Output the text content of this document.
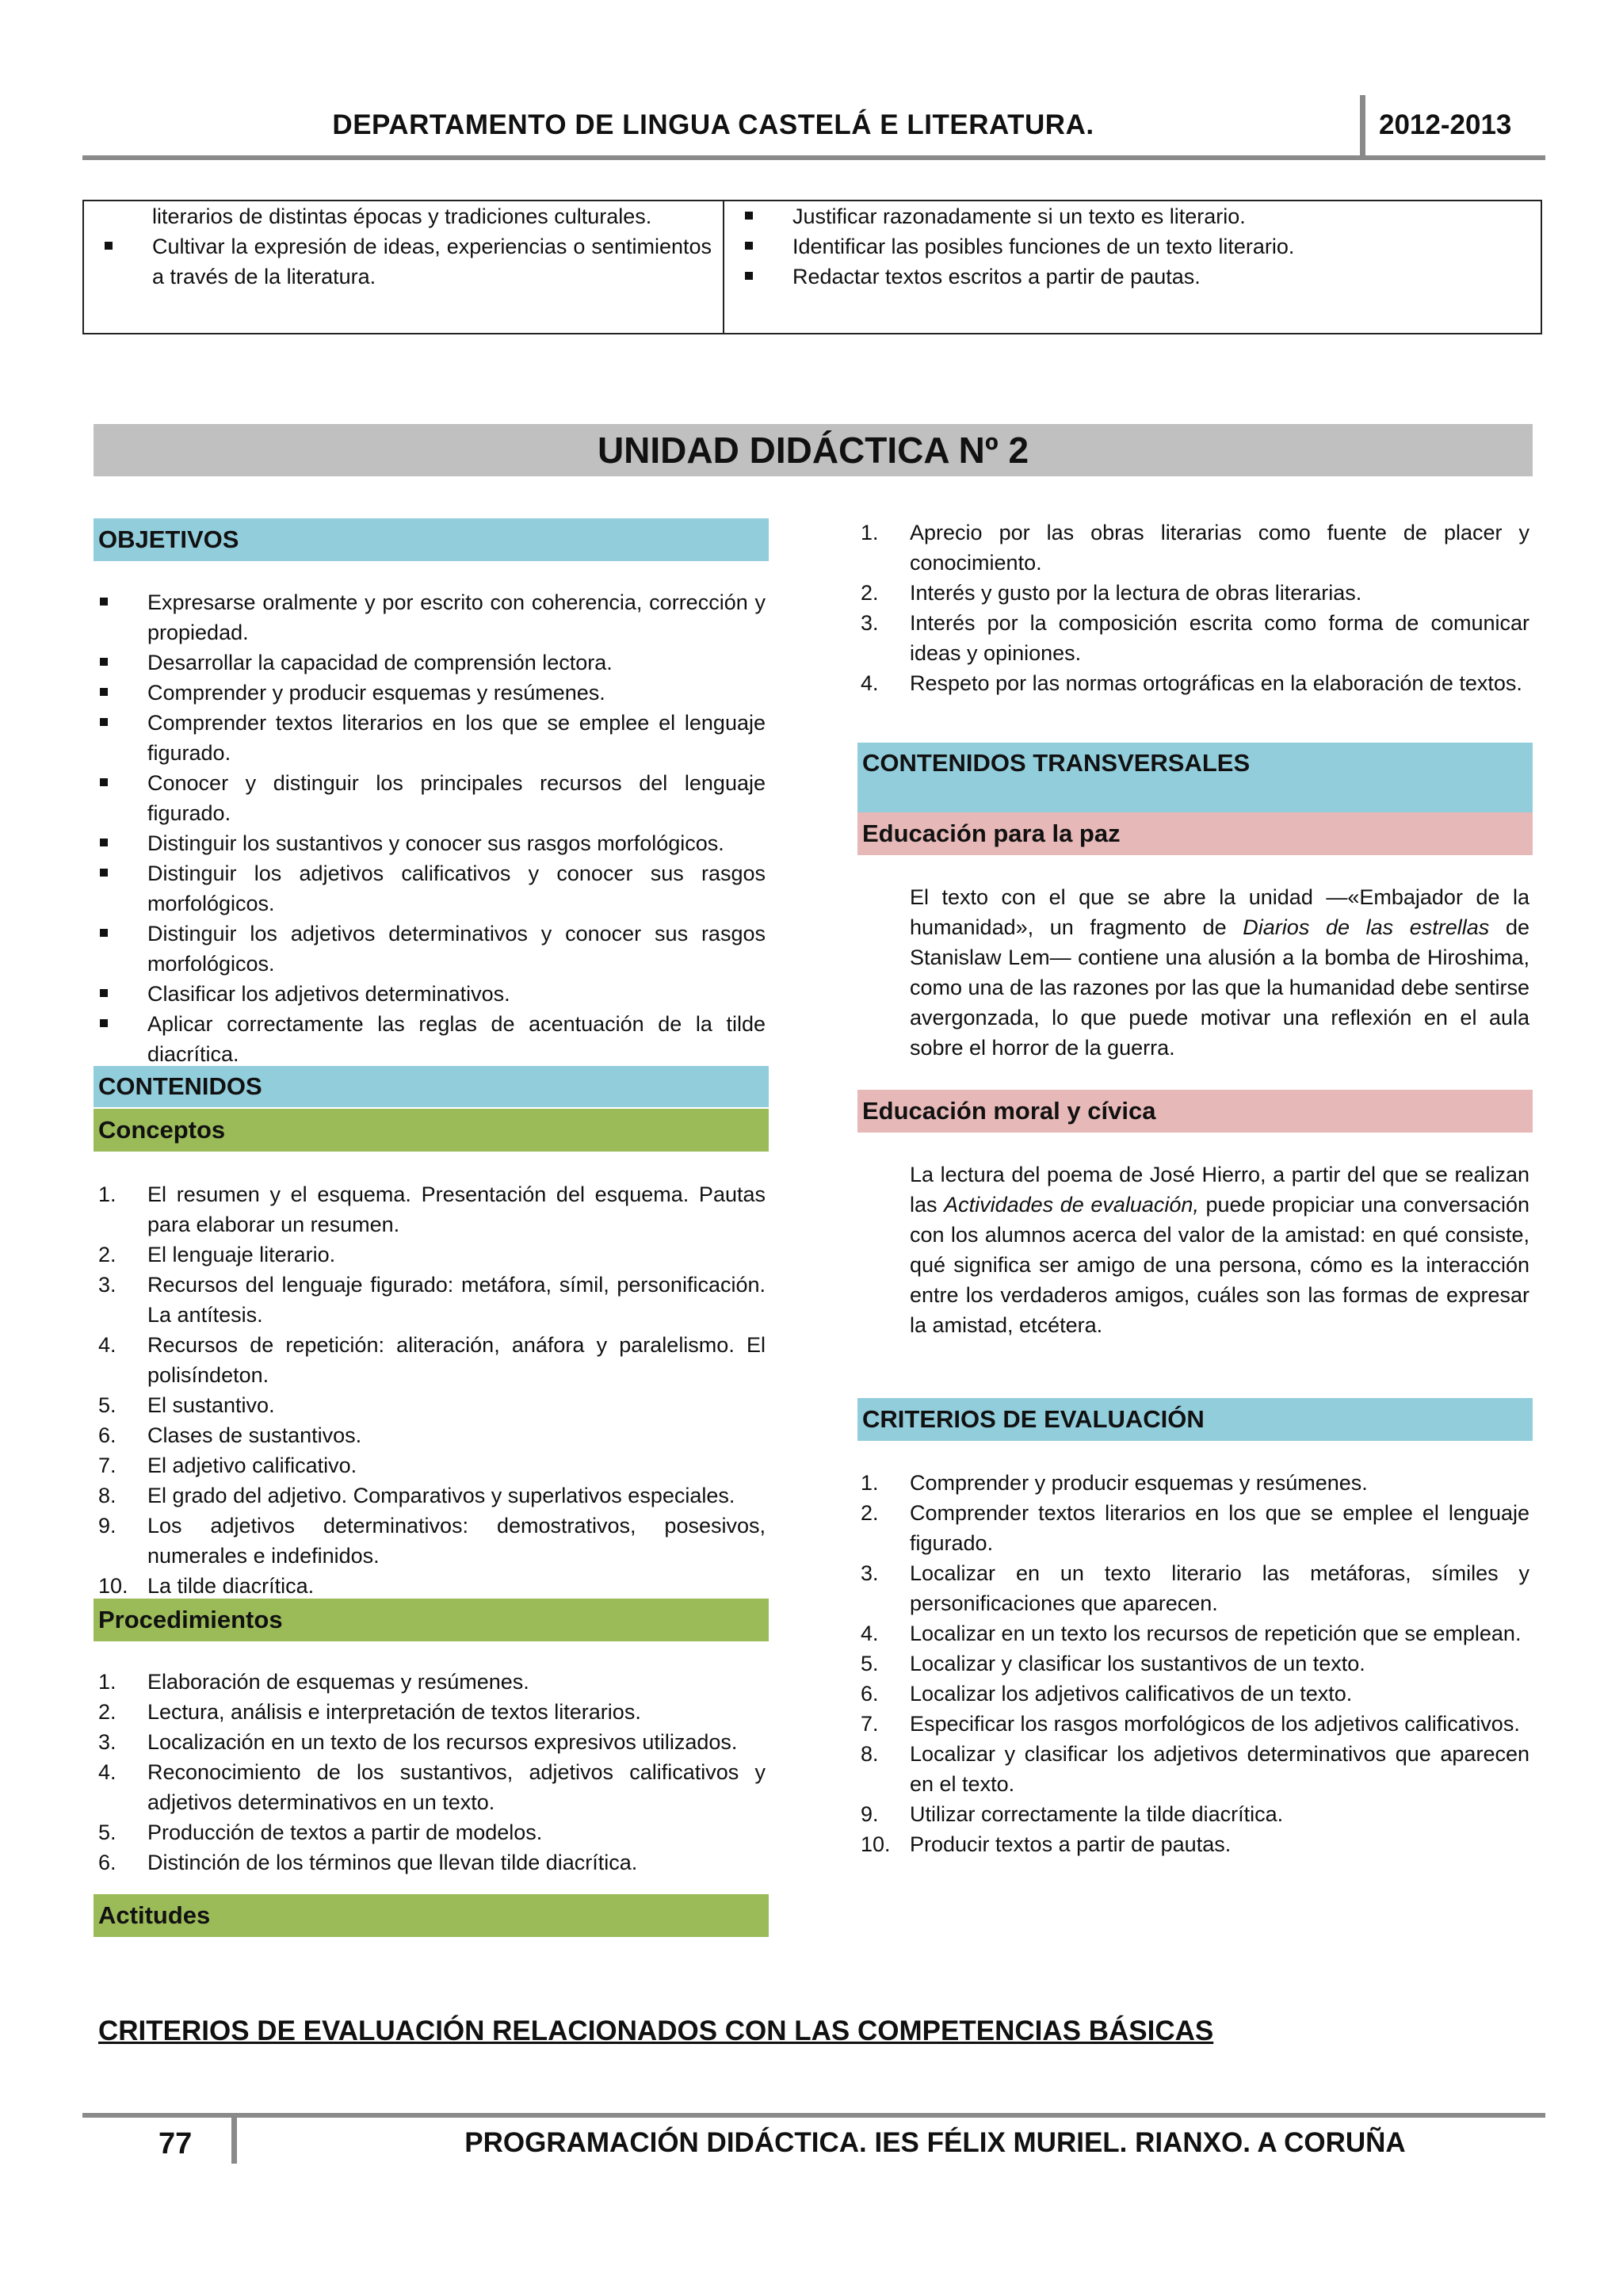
DEPARTAMENTO DE LINGUA CASTELÁ E LITERATURA.	2012-2013
literarios de distintas épocas y tradiciones culturales.
Cultivar la expresión de ideas, experiencias o sentimientos a través de la literatura.
Justificar razonadamente si un texto es literario.
Identificar las posibles funciones de un texto literario.
Redactar textos escritos a partir de pautas.
UNIDAD DIDÁCTICA Nº 2
OBJETIVOS
Expresarse oralmente y por escrito con coherencia, corrección y propiedad.
Desarrollar la capacidad de comprensión lectora.
Comprender y producir esquemas y resúmenes.
Comprender textos literarios en los que se emplee el lenguaje figurado.
Conocer y distinguir los principales recursos del lenguaje figurado.
Distinguir los sustantivos y conocer sus rasgos morfológicos.
Distinguir los adjetivos calificativos y conocer sus rasgos morfológicos.
Distinguir los adjetivos determinativos y conocer sus rasgos morfológicos.
Clasificar los adjetivos determinativos.
Aplicar correctamente las reglas de acentuación de la tilde diacrítica.
CONTENIDOS
Conceptos
1. El resumen y el esquema. Presentación del esquema. Pautas para elaborar un resumen.
2. El lenguaje literario.
3. Recursos del lenguaje figurado: metáfora, símil, personificación. La antítesis.
4. Recursos de repetición: aliteración, anáfora y paralelismo. El polisíndeton.
5. El sustantivo.
6. Clases de sustantivos.
7. El adjetivo calificativo.
8. El grado del adjetivo. Comparativos y superlativos especiales.
9. Los adjetivos determinativos: demostrativos, posesivos, numerales e indefinidos.
10. La tilde diacrítica.
Procedimientos
1. Elaboración de esquemas y resúmenes.
2. Lectura, análisis e interpretación de textos literarios.
3. Localización en un texto de los recursos expresivos utilizados.
4. Reconocimiento de los sustantivos, adjetivos calificativos y adjetivos determinativos en un texto.
5. Producción de textos a partir de modelos.
6. Distinción de los términos que llevan tilde diacrítica.
Actitudes
1. Aprecio por las obras literarias como fuente de placer y conocimiento.
2. Interés y gusto por la lectura de obras literarias.
3. Interés por la composición escrita como forma de comunicar ideas y opiniones.
4. Respeto por las normas ortográficas en la elaboración de textos.
CONTENIDOS TRANSVERSALES
Educación para la paz
El texto con el que se abre la unidad —«Embajador de la humanidad», un fragmento de Diarios de las estrellas de Stanislaw Lem— contiene una alusión a la bomba de Hiroshima, como una de las razones por las que la humanidad debe sentirse avergonzada, lo que puede motivar una reflexión en el aula sobre el horror de la guerra.
Educación moral y cívica
La lectura del poema de José Hierro, a partir del que se realizan las Actividades de evaluación, puede propiciar una conversación con los alumnos acerca del valor de la amistad: en qué consiste, qué significa ser amigo de una persona, cómo es la interacción entre los verdaderos amigos, cuáles son las formas de expresar la amistad, etcétera.
CRITERIOS DE EVALUACIÓN
1. Comprender y producir esquemas y resúmenes.
2. Comprender textos literarios en los que se emplee el lenguaje figurado.
3. Localizar en un texto literario las metáforas, símiles y personificaciones que aparecen.
4. Localizar en un texto los recursos de repetición que se emplean.
5. Localizar y clasificar los sustantivos de un texto.
6. Localizar los adjetivos calificativos de un texto.
7. Especificar los rasgos morfológicos de los adjetivos calificativos.
8. Localizar y clasificar los adjetivos determinativos que aparecen en el texto.
9. Utilizar correctamente la tilde diacrítica.
10. Producir textos a partir de pautas.
CRITERIOS DE EVALUACIÓN RELACIONADOS CON LAS COMPETENCIAS BÁSICAS
77	PROGRAMACIÓN DIDÁCTICA. IES FÉLIX MURIEL. RIANXO. A CORUÑA
